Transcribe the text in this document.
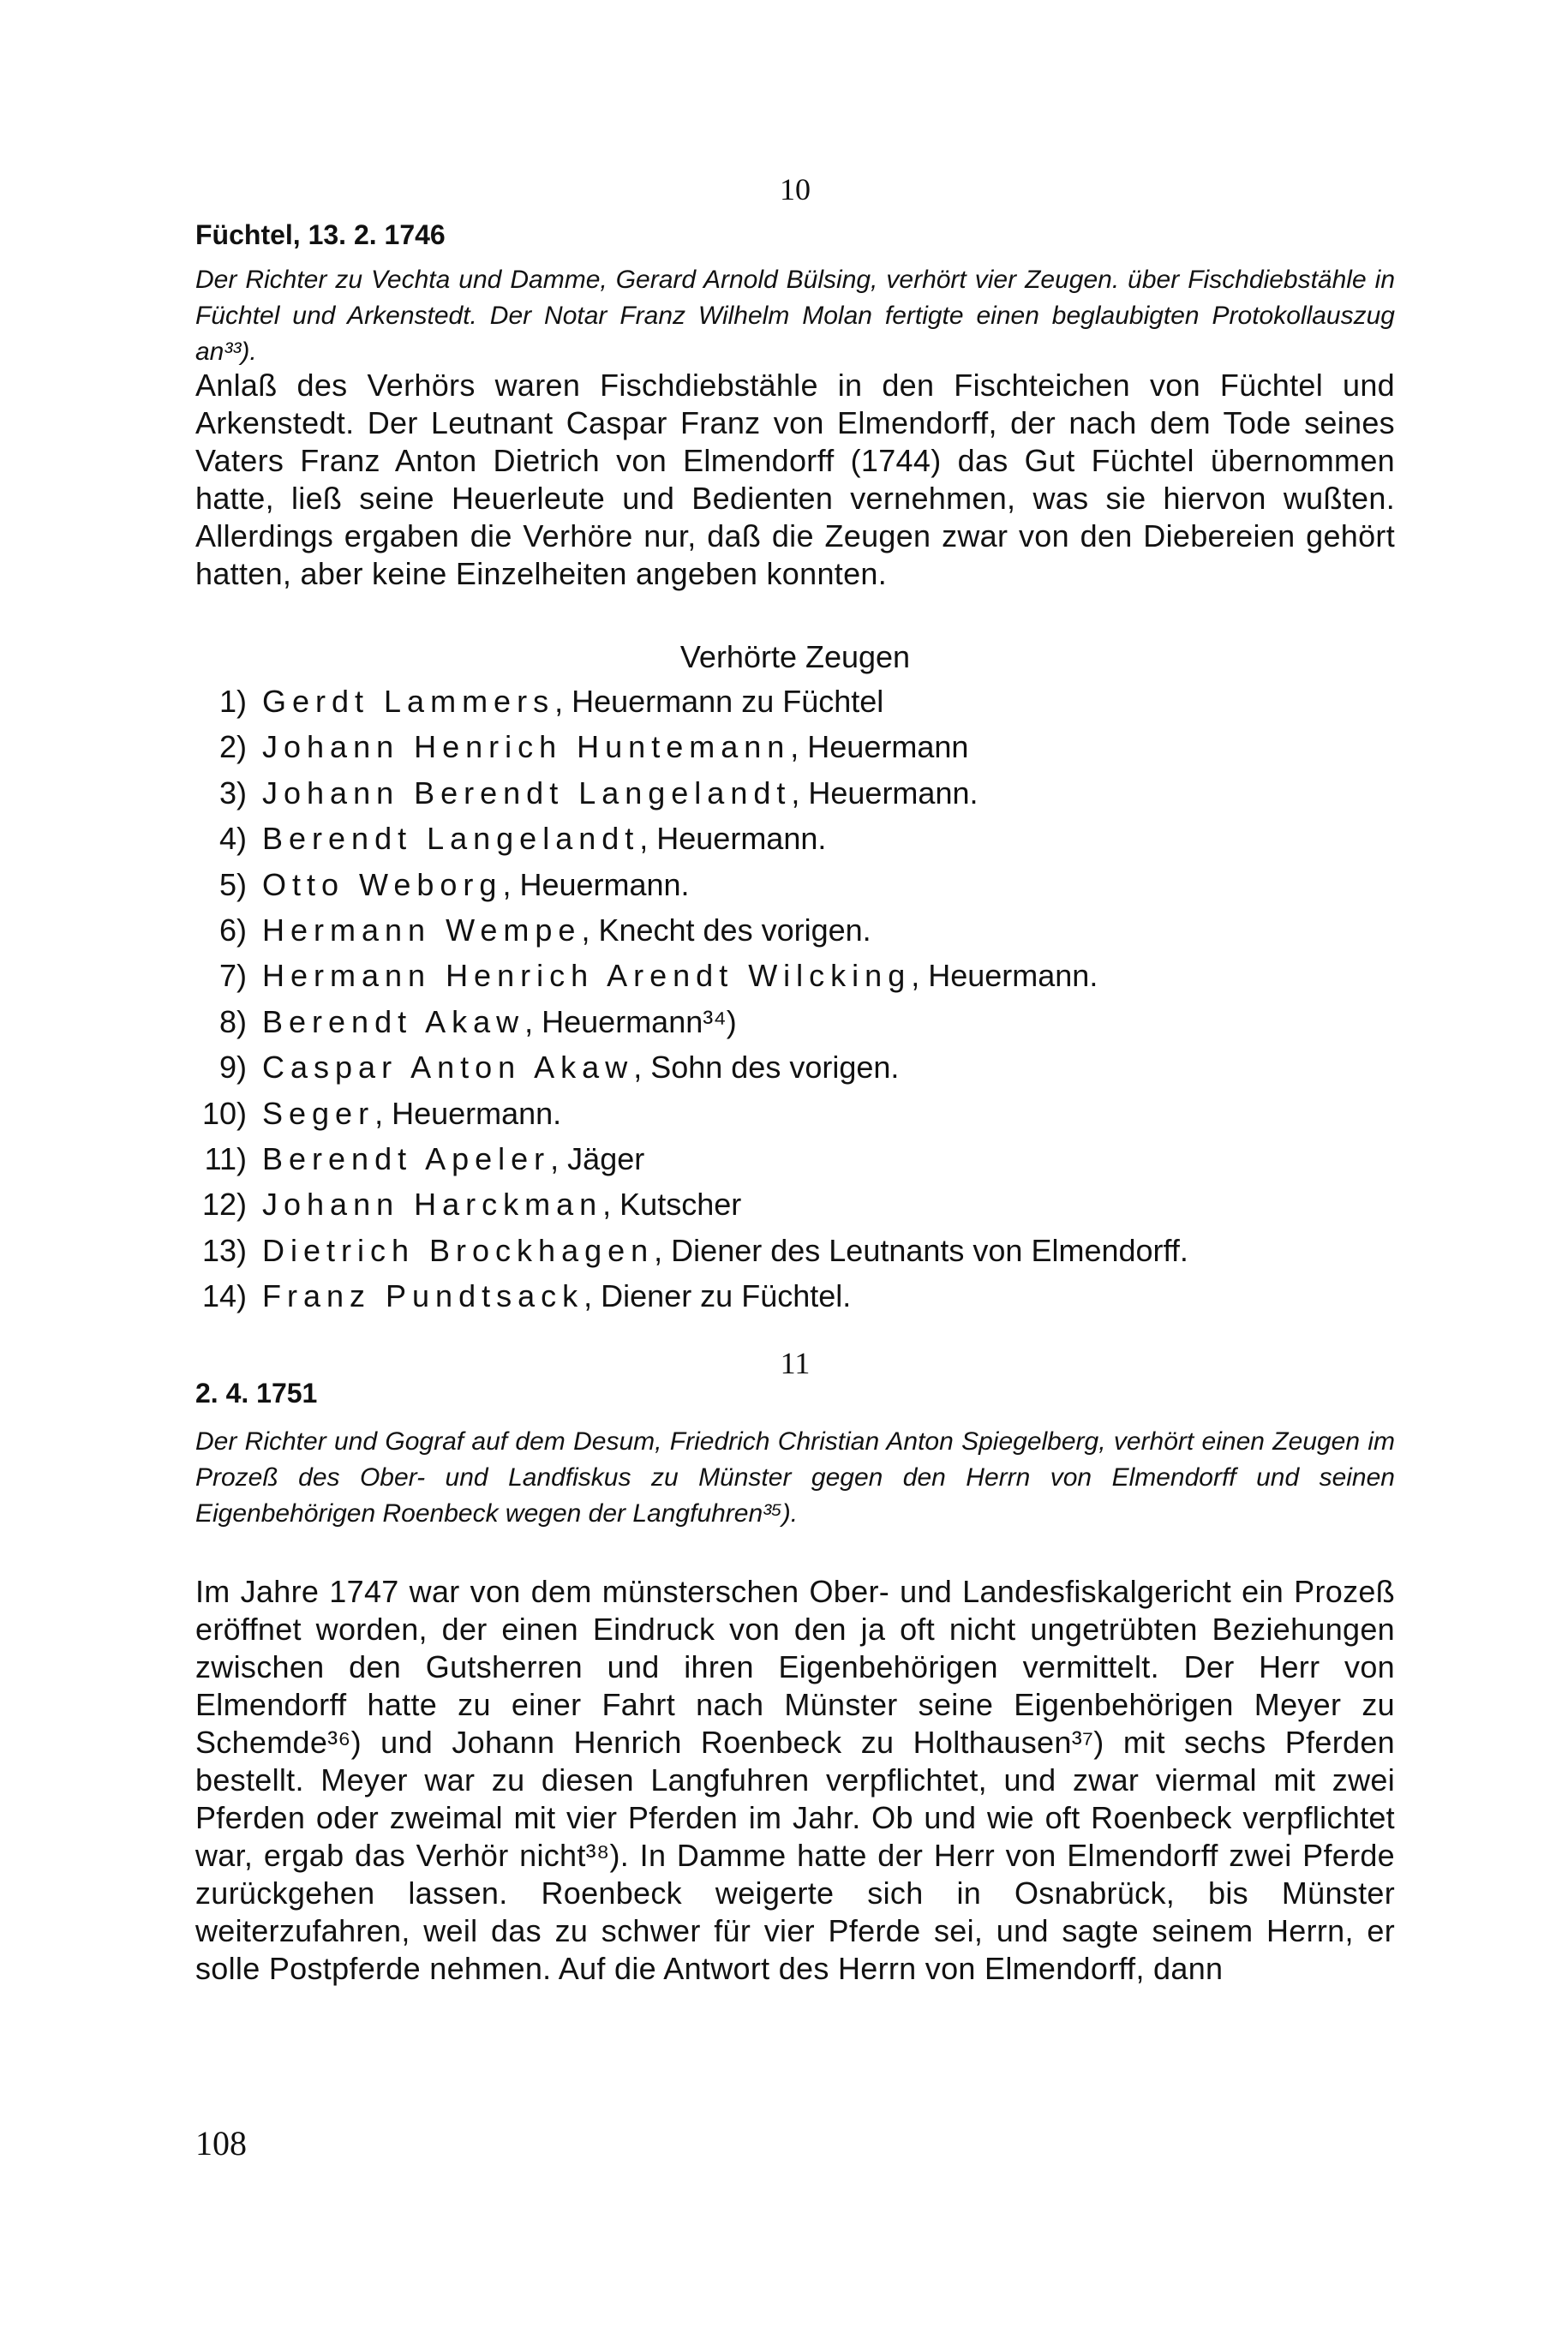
10
Füchtel, 13. 2. 1746
Der Richter zu Vechta und Damme, Gerard Arnold Bülsing, verhört vier Zeugen. über Fischdiebstähle in Füchtel und Arkenstedt. Der Notar Franz Wilhelm Molan fertigte einen beglaubigten Protokollauszug an³³).
Anlaß des Verhörs waren Fischdiebstähle in den Fischteichen von Füchtel und Arkenstedt. Der Leutnant Caspar Franz von Elmendorff, der nach dem Tode seines Vaters Franz Anton Dietrich von Elmendorff (1744) das Gut Füchtel übernommen hatte, ließ seine Heuerleute und Bedienten vernehmen, was sie hiervon wußten. Allerdings ergaben die Verhöre nur, daß die Zeugen zwar von den Diebereien gehört hatten, aber keine Einzelheiten angeben konnten.
Verhörte Zeugen
1) Gerdt Lammers, Heuermann zu Füchtel
2) Johann Henrich Huntemann, Heuermann
3) Johann Berendt Langelandt, Heuermann.
4) Berendt Langelandt, Heuermann.
5) Otto Weborg, Heuermann.
6) Hermann Wempe, Knecht des vorigen.
7) Hermann Henrich Arendt Wilcking, Heuermann.
8) Berendt Akaw, Heuermann³⁴)
9) Caspar Anton Akaw, Sohn des vorigen.
10) Seger, Heuermann.
11) Berendt Apeler, Jäger
12) Johann Harckman, Kutscher
13) Dietrich Brockhagen, Diener des Leutnants von Elmendorff.
14) Franz Pundtsack, Diener zu Füchtel.
11
2. 4. 1751
Der Richter und Gograf auf dem Desum, Friedrich Christian Anton Spiegelberg, verhört einen Zeugen im Prozeß des Ober- und Landfiskus zu Münster gegen den Herrn von Elmendorff und seinen Eigenbehörigen Roenbeck wegen der Langfuhren³⁵).
Im Jahre 1747 war von dem münsterschen Ober- und Landesfiskalgericht ein Prozeß eröffnet worden, der einen Eindruck von den ja oft nicht ungetrübten Beziehungen zwischen den Gutsherren und ihren Eigenbehörigen vermittelt. Der Herr von Elmendorff hatte zu einer Fahrt nach Münster seine Eigenbehörigen Meyer zu Schemde³⁶) und Johann Henrich Roenbeck zu Holthausen³⁷) mit sechs Pferden bestellt. Meyer war zu diesen Langfuhren verpflichtet, und zwar viermal mit zwei Pferden oder zweimal mit vier Pferden im Jahr. Ob und wie oft Roenbeck verpflichtet war, ergab das Verhör nicht³⁸). In Damme hatte der Herr von Elmendorff zwei Pferde zurückgehen lassen. Roenbeck weigerte sich in Osnabrück, bis Münster weiterzufahren, weil das zu schwer für vier Pferde sei, und sagte seinem Herrn, er solle Postpferde nehmen. Auf die Antwort des Herrn von Elmendorff, dann
108
